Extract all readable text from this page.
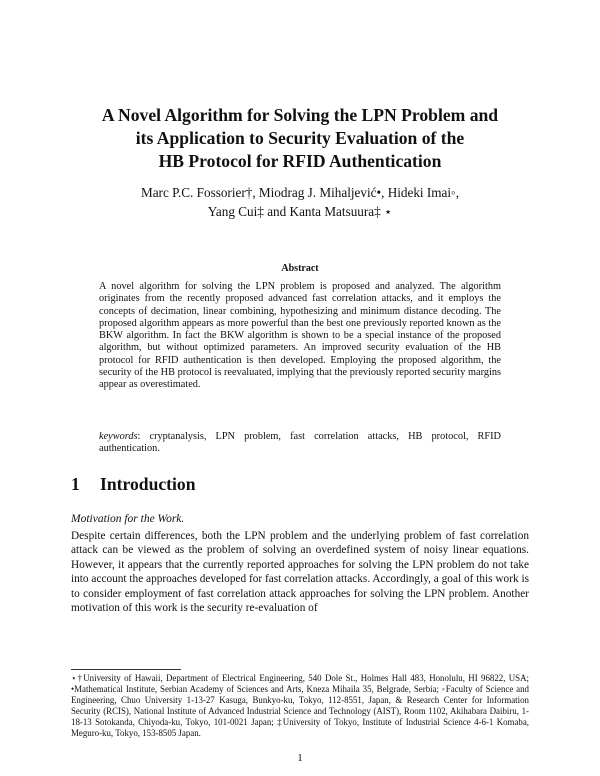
A Novel Algorithm for Solving the LPN Problem and
its Application to Security Evaluation of the
HB Protocol for RFID Authentication
Marc P.C. Fossorier†, Miodrag J. Mihaljević•, Hideki Imai◦,
Yang Cui‡ and Kanta Matsuura‡ ⋆
Abstract
A novel algorithm for solving the LPN problem is proposed and analyzed. The algorithm originates from the recently proposed advanced fast correlation attacks, and it employs the concepts of decimation, linear combining, hypothesizing and minimum distance decoding. The proposed algorithm appears as more powerful than the best one previously reported known as the BKW algorithm. In fact the BKW algorithm is shown to be a special instance of the proposed algorithm, but without optimized parameters. An improved security evaluation of the HB protocol for RFID authentication is then developed. Employing the proposed algorithm, the security of the HB protocol is reevaluated, implying that the previously reported security margins appear as overestimated.
keywords: cryptanalysis, LPN problem, fast correlation attacks, HB protocol, RFID authentication.
1 Introduction
Motivation for the Work.
Despite certain differences, both the LPN problem and the underlying problem of fast correlation attack can be viewed as the problem of solving an overdefined system of noisy linear equations. However, it appears that the currently reported approaches for solving the LPN problem do not take into account the approaches developed for fast correlation attacks. Accordingly, a goal of this work is to consider employment of fast correlation attack approaches for solving the LPN problem. Another motivation of this work is the security re-evaluation of
⋆†University of Hawaii, Department of Electrical Engineering, 540 Dole St., Holmes Hall 483, Honolulu, HI 96822, USA; •Mathematical Institute, Serbian Academy of Sciences and Arts, Kneza Mihaila 35, Belgrade, Serbia; ◦Faculty of Science and Engineering, Chuo University 1-13-27 Kasuga, Bunkyo-ku, Tokyo, 112-8551, Japan, & Research Center for Information Security (RCIS), National Institute of Advanced Industrial Science and Technology (AIST), Room 1102, Akihabara Daibiru, 1-18-13 Sotokanda, Chiyoda-ku, Tokyo, 101-0021 Japan; ‡University of Tokyo, Institute of Industrial Science 4-6-1 Komaba, Meguro-ku, Tokyo, 153-8505 Japan.
1
